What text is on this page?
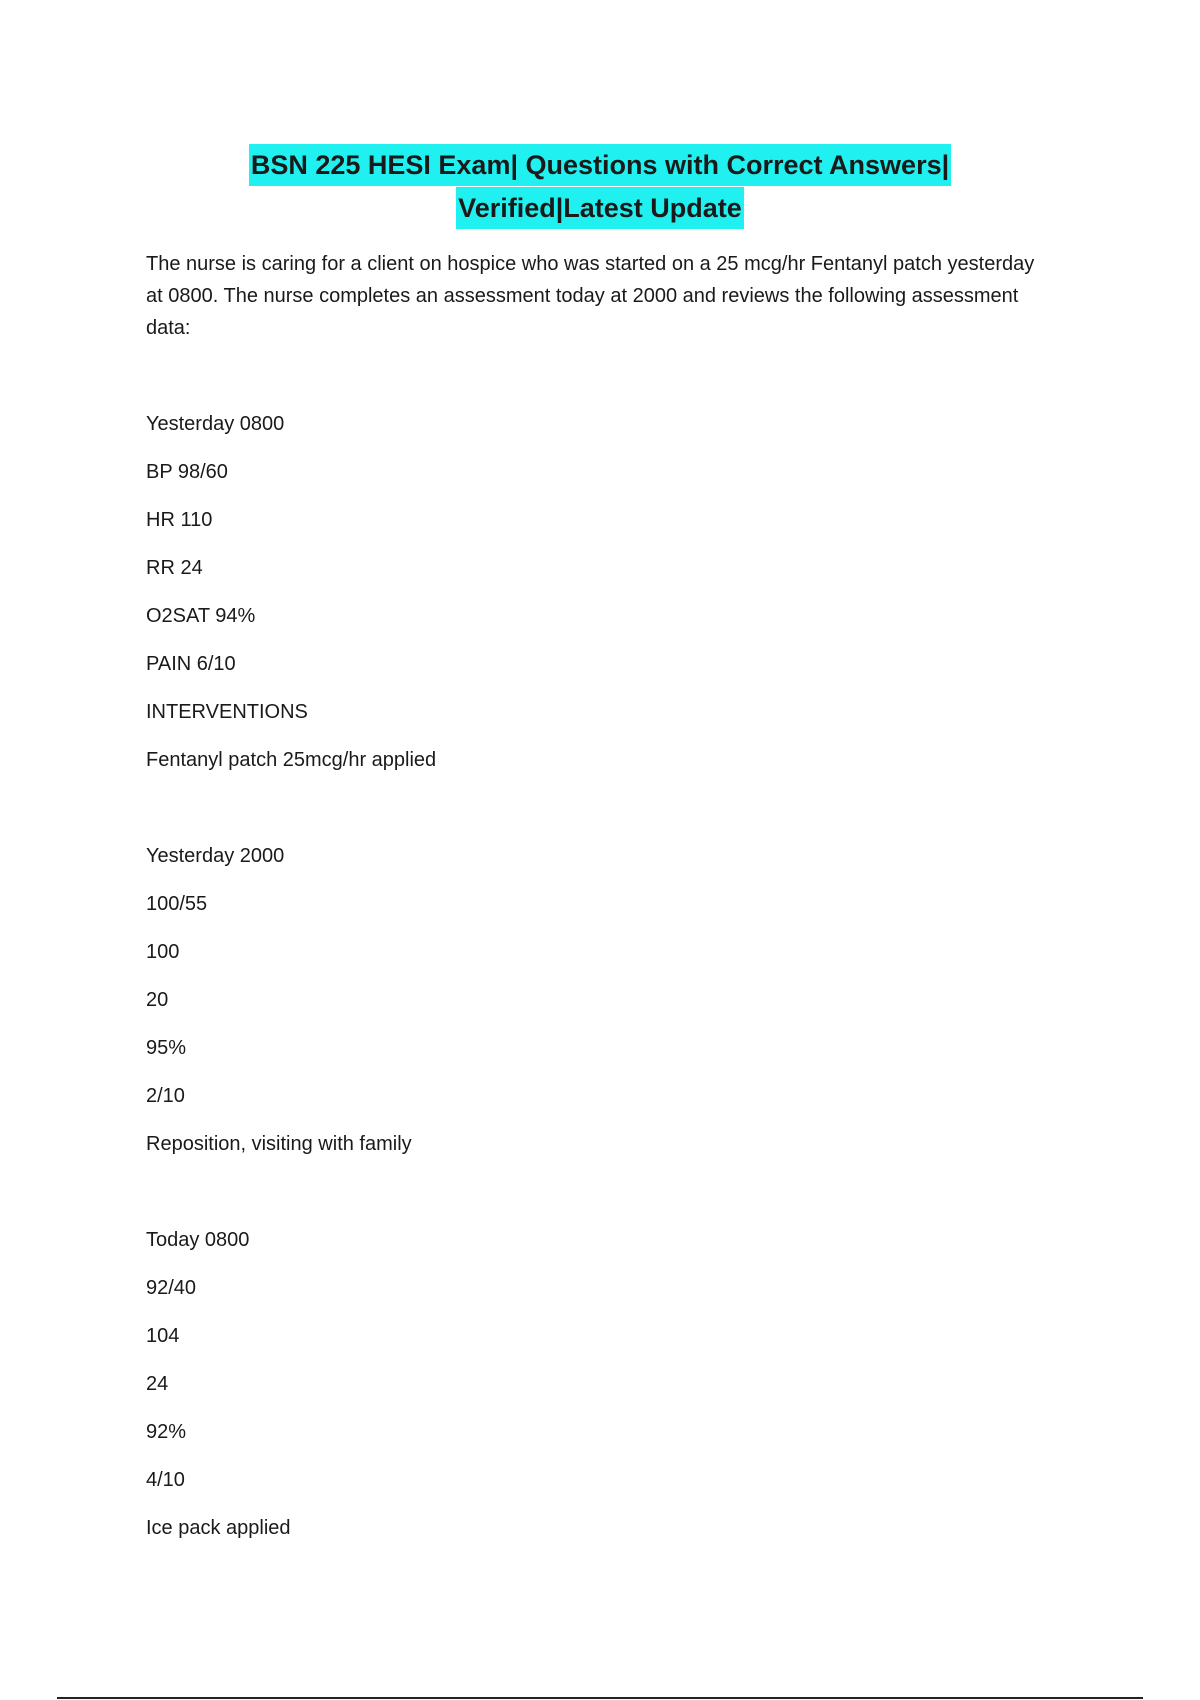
BSN 225 HESI Exam| Questions with Correct Answers|
Verified|Latest Update
The nurse is caring for a client on hospice who was started on a 25 mcg/hr Fentanyl patch yesterday at 0800. The nurse completes an assessment today at 2000 and reviews the following assessment data:
Yesterday 0800
BP 98/60
HR 110
RR 24
O2SAT 94%
PAIN 6/10
INTERVENTIONS
Fentanyl patch 25mcg/hr applied
Yesterday 2000
100/55
100
20
95%
2/10
Reposition, visiting with family
Today 0800
92/40
104
24
92%
4/10
Ice pack applied
